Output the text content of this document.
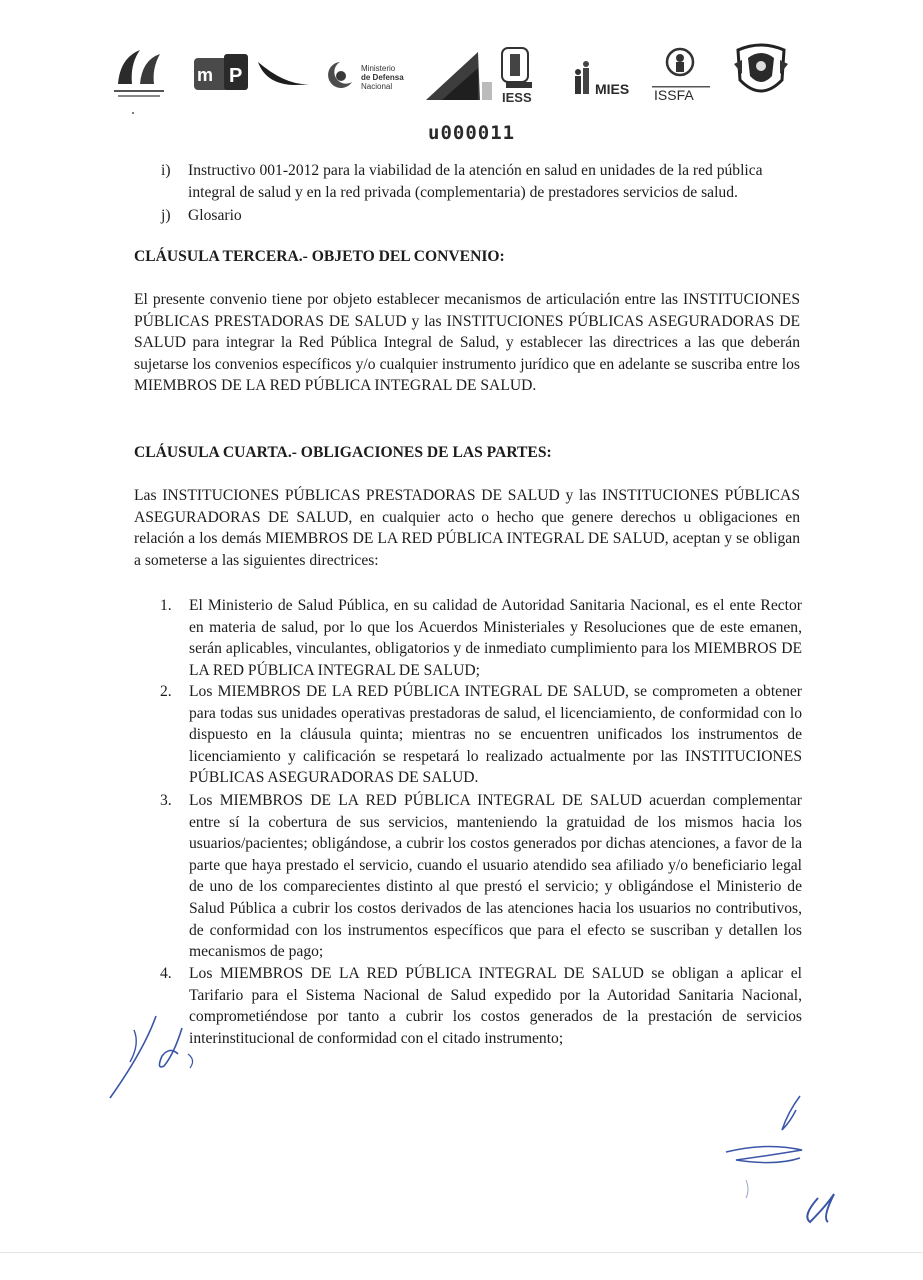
m P	Ministerio
de Defensa
Nacional
IESS
MIES ISSFA
u000011
i) Instructivo 001-2012 para la viabilidad de la atención en salud en unidades de la red pública
integral de salud y en la red privada (complementaria) de prestadores servicios de salud.
j) Glosario
CLÁUSULA TERCERA.- OBJETO DEL CONVENIO:

El presente convenio tiene por objeto establecer mecanismos de articulación entre las INSTITUCIONES PÚBLICAS PRESTADORAS DE SALUD y las INSTITUCIONES PÚBLICAS ASEGURADORAS DE SALUD para integrar la Red Pública Integral de Salud, y establecer las directrices a las que deberán sujetarse los convenios específicos y/o cualquier instrumento jurídico que en adelante se suscriba entre los MIEMBROS DE LA RED PÚBLICA INTEGRAL DE SALUD.

CLÁUSULA CUARTA.- OBLIGACIONES DE LAS PARTES:

Las INSTITUCIONES PÚBLICAS PRESTADORAS DE SALUD y las INSTITUCIONES PÚBLICAS ASEGURADORAS DE SALUD, en cualquier acto o hecho que genere derechos u obligaciones en relación a los demás MIEMBROS DE LA RED PÚBLICA INTEGRAL DE SALUD, aceptan y se obligan a someterse a las siguientes directrices:

1. El Ministerio de Salud Pública, en su calidad de Autoridad Sanitaria Nacional, es el ente Rector en materia de salud, por lo que los Acuerdos Ministeriales y Resoluciones que de este emanen, serán aplicables, vinculantes, obligatorios y de inmediato cumplimiento para los MIEMBROS DE LA RED PÚBLICA INTEGRAL DE SALUD;

2. Los MIEMBROS DE LA RED PÚBLICA INTEGRAL DE SALUD, se comprometen a obtener para todas sus unidades operativas prestadoras de salud, el licenciamiento, de conformidad con lo dispuesto en la cláusula quinta; mientras no se encuentren unificados los instrumentos de licenciamiento y calificación se respetará lo realizado actualmente por las INSTITUCIONES PÚBLICAS ASEGURADORAS DE SALUD.

3. Los MIEMBROS DE LA RED PÚBLICA INTEGRAL DE SALUD acuerdan complementar entre sí la cobertura de sus servicios, manteniendo la gratuidad de los mismos hacia los usuarios/pacientes; obligándose, a cubrir los costos generados por dichas atenciones, a favor de la parte que haya prestado el servicio, cuando el usuario atendido sea afiliado y/o beneficiario legal de uno de los comparecientes distinto al que prestó el servicio; y obligándose el Ministerio de Salud Pública a cubrir los costos derivados de las atenciones hacia los usuarios no contributivos, de conformidad con los instrumentos específicos que para el efecto se suscriban y detallen los mecanismos de pago;

4. Los MIEMBROS DE LA RED PÚBLICA INTEGRAL DE SALUD se obligan a aplicar el Tarifario para el Sistema Nacional de Salud expedido por la Autoridad Sanitaria Nacional, comprometiéndose por tanto a cubrir los costos generados de la prestación de servicios interinstitucional de conformidad con el citado instrumento;
